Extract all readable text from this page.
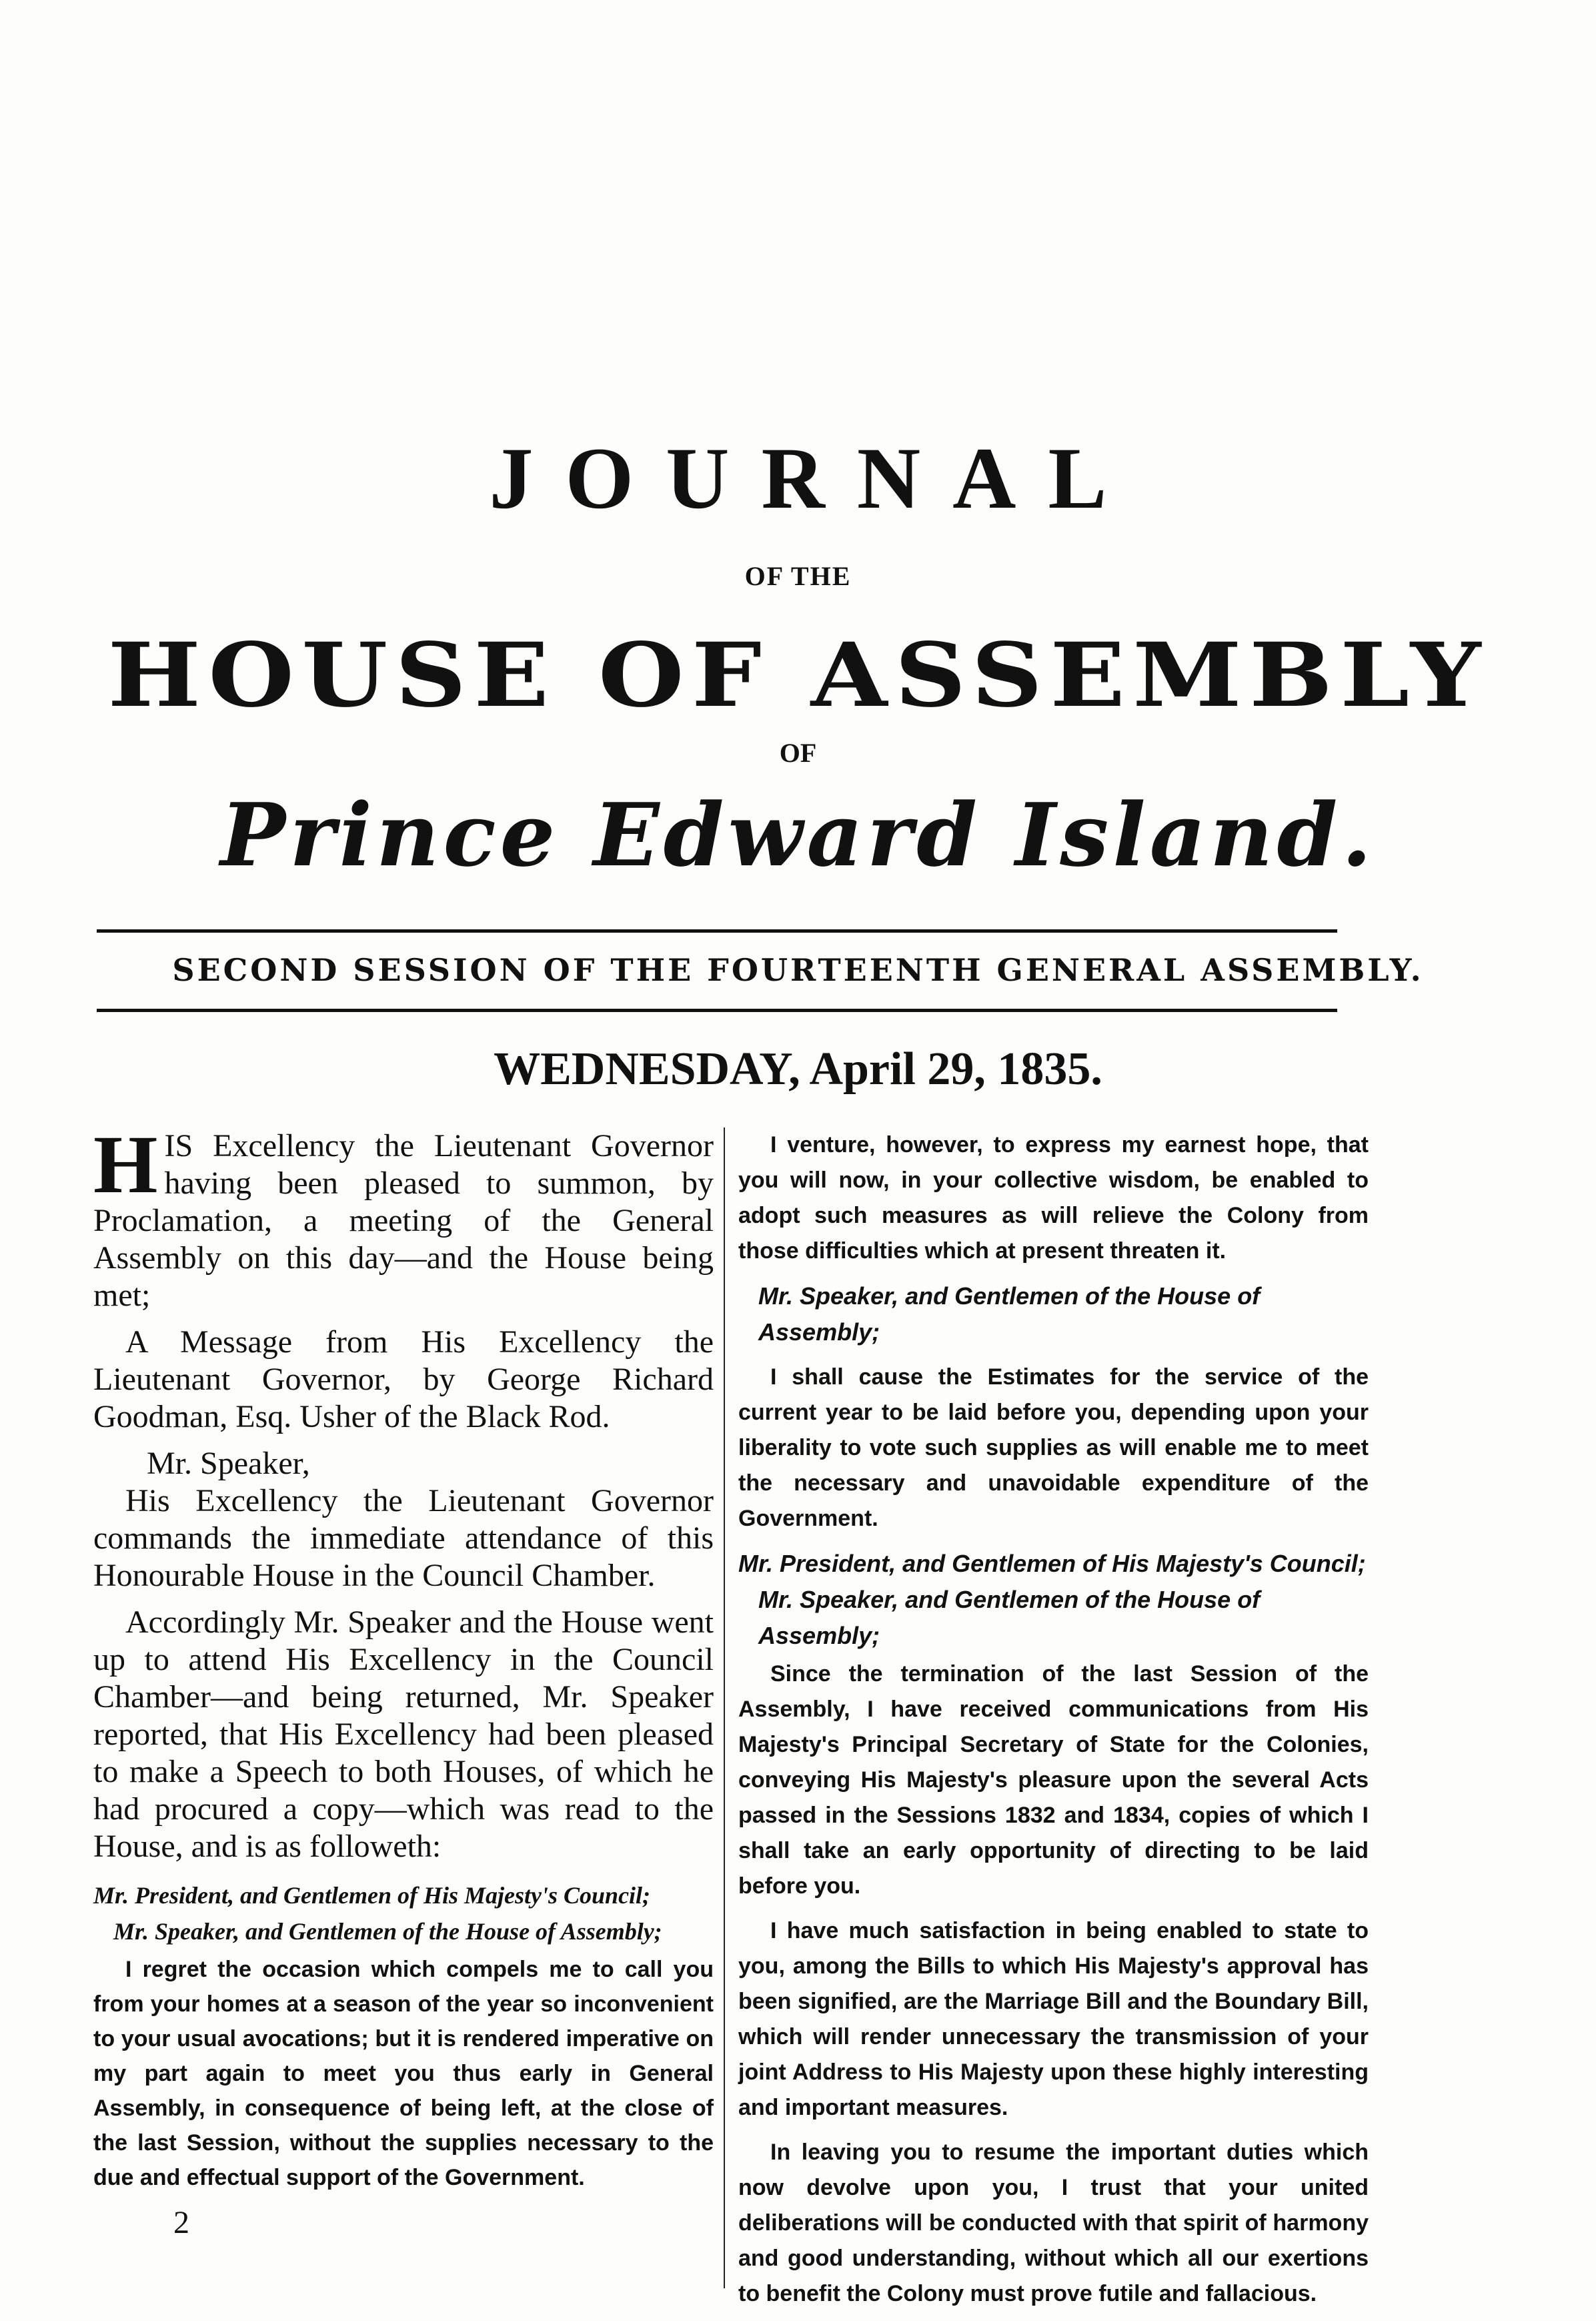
JOURNAL
OF THE
HOUSE OF ASSEMBLY
OF
Prince Edward Island.
SECOND SESSION OF THE FOURTEENTH GENERAL ASSEMBLY.
WEDNESDAY, April 29, 1835.

HIS Excellency the Lieutenant Governor having been pleased to summon, by Proclamation, a meeting of the General Assembly on this day—and the House being met;

A Message from His Excellency the Lieutenant Governor, by George Richard Goodman, Esq. Usher of the Black Rod.

Mr. Speaker,

His Excellency the Lieutenant Governor commands the immediate attendance of this Honourable House in the Council Chamber.

Accordingly Mr. Speaker and the House went up to attend His Excellency in the Council Chamber—and being returned, Mr. Speaker reported, that His Excellency had been pleased to make a Speech to both Houses, of which he had procured a copy—which was read to the House, and is as followeth:

Mr. President, and Gentlemen of His Majesty's Council;

Mr. Speaker, and Gentlemen of the House of Assembly;

I regret the occasion which compels me to call you from your homes at a season of the year so inconvenient to your usual avocations; but it is rendered imperative on my part again to meet you thus early in General Assembly, in consequence of being left, at the close of the last Session, without the supplies necessary to the due and effectual support of the Government.

2

I venture, however, to express my earnest hope, that you will now, in your collective wisdom, be enabled to adopt such measures as will relieve the Colony from those difficulties which at present threaten it.

Mr. Speaker, and Gentlemen of the House of Assembly;

I shall cause the Estimates for the service of the current year to be laid before you, depending upon your liberality to vote such supplies as will enable me to meet the necessary and unavoidable expenditure of the Government.

Mr. President, and Gentlemen of His Majesty's Council;

Mr. Speaker, and Gentlemen of the House of Assembly;

Since the termination of the last Session of the Assembly, I have received communications from His Majesty's Principal Secretary of State for the Colonies, conveying His Majesty's pleasure upon the several Acts passed in the Sessions 1832 and 1834, copies of which I shall take an early opportunity of directing to be laid before you.

I have much satisfaction in being enabled to state to you, among the Bills to which His Majesty's approval has been signified, are the Marriage Bill and the Boundary Bill, which will render unnecessary the transmission of your joint Address to His Majesty upon these highly interesting and important measures.

In leaving you to resume the important duties which now devolve upon you, I trust that your united deliberations will be conducted with that spirit of harmony and good understanding, without which all our exertions to benefit the Colony must prove futile and fallacious.
